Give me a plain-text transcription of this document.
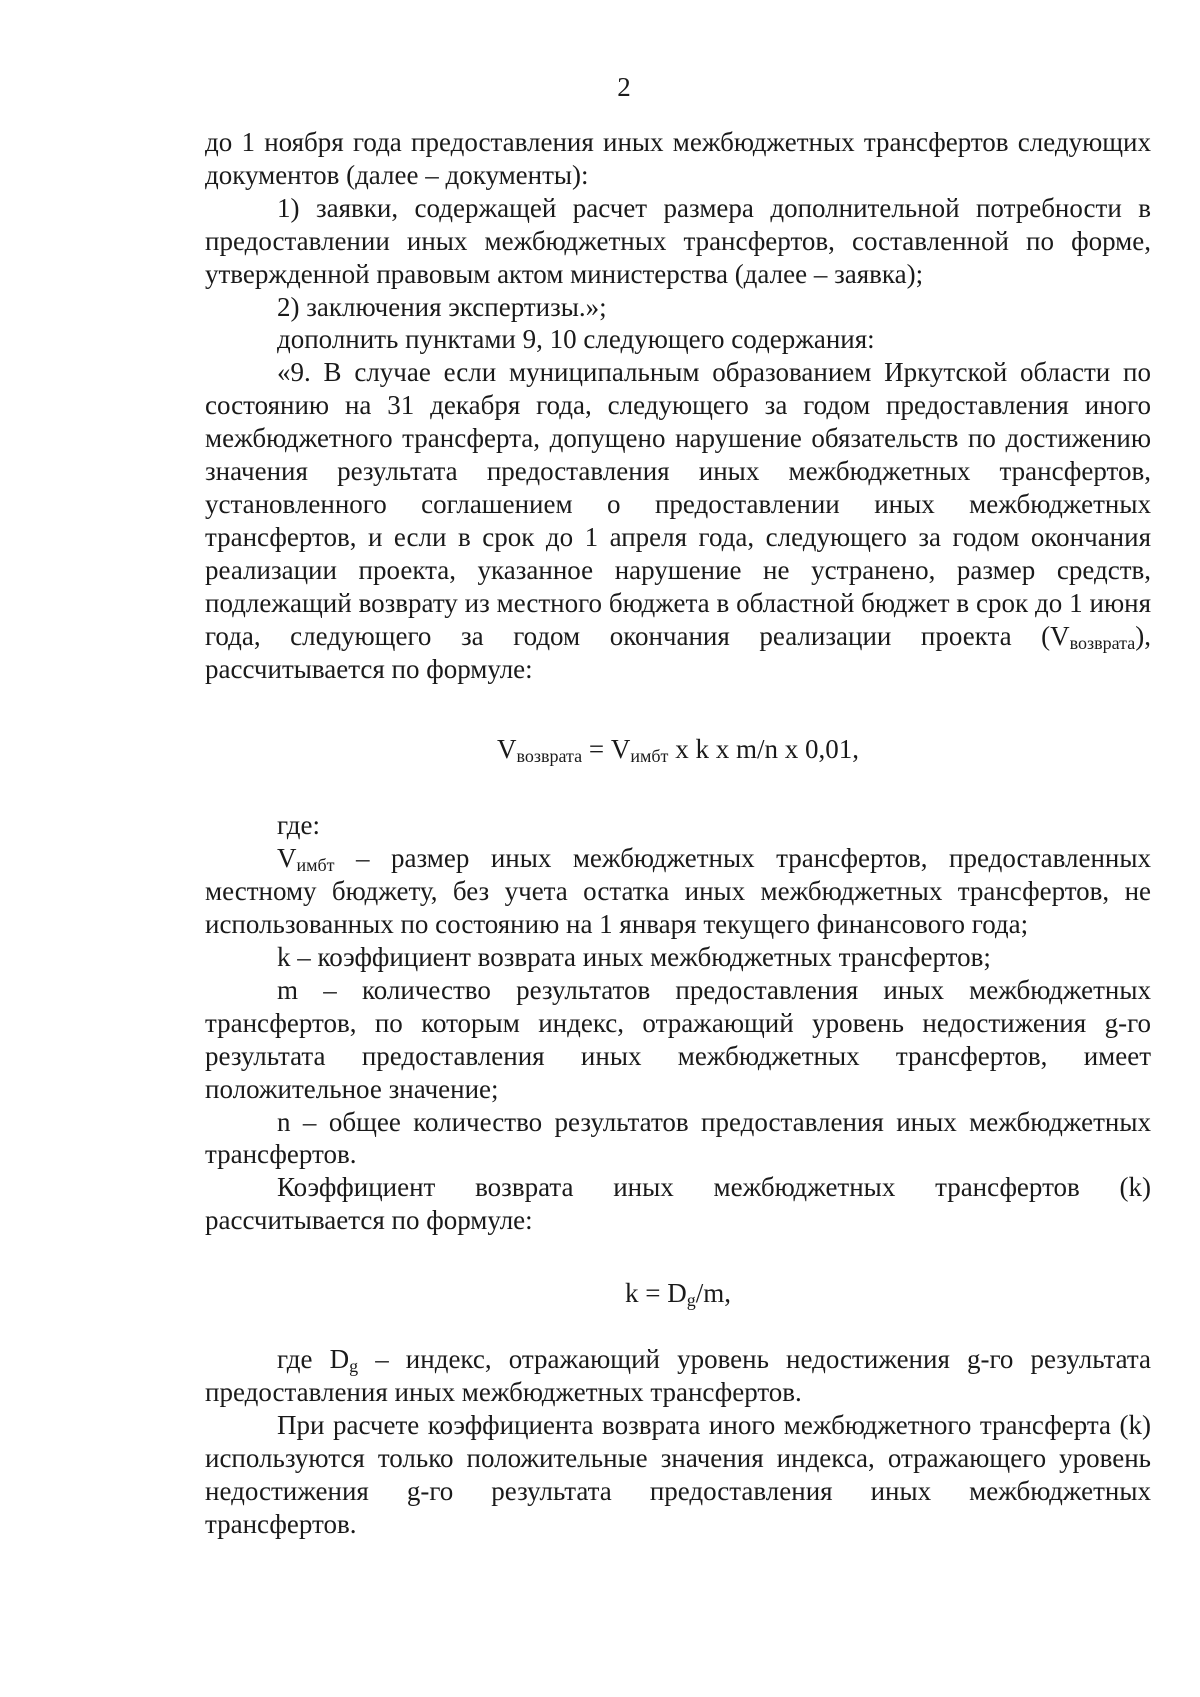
2

до 1 ноября года предоставления иных межбюджетных трансфертов следующих документов (далее – документы):

1) заявки, содержащей расчет размера дополнительной потребности в предоставлении иных межбюджетных трансфертов, составленной по форме, утвержденной правовым актом министерства (далее – заявка);

2) заключения экспертизы.»;

дополнить пунктами 9, 10 следующего содержания:

«9. В случае если муниципальным образованием Иркутской области по состоянию на 31 декабря года, следующего за годом предоставления иного межбюджетного трансферта, допущено нарушение обязательств по достижению значения результата предоставления иных межбюджетных трансфертов, установленного соглашением о предоставлении иных межбюджетных трансфертов, и если в срок до 1 апреля года, следующего за годом окончания реализации проекта, указанное нарушение не устранено, размер средств, подлежащий возврату из местного бюджета в областной бюджет в срок до 1 июня года, следующего за годом окончания реализации проекта $(V_{возврата})$, рассчитывается по формуле:

$V_{возврата} = V_{имбт}$ x k x m/n x 0,01,

где:

$V_{имбт}$ – размер иных межбюджетных трансфертов, предоставленных местному бюджету, без учета остатка иных межбюджетных трансфертов, не использованных по состоянию на 1 января текущего финансового года;

k – коэффициент возврата иных межбюджетных трансфертов;

m – количество результатов предоставления иных межбюджетных трансфертов, по которым индекс, отражающий уровень недостижения g-го результата предоставления иных межбюджетных трансфертов, имеет положительное значение;

n – общее количество результатов предоставления иных межбюджетных трансфертов.

Коэффициент возврата иных межбюджетных трансфертов (k) рассчитывается по формуле:

$k = D_g/m$,

где $D_g$ – индекс, отражающий уровень недостижения g-го результата предоставления иных межбюджетных трансфертов.

При расчете коэффициента возврата иного межбюджетного трансферта (k) используются только положительные значения индекса, отражающего уровень недостижения g-го результата предоставления иных межбюджетных трансфертов.
